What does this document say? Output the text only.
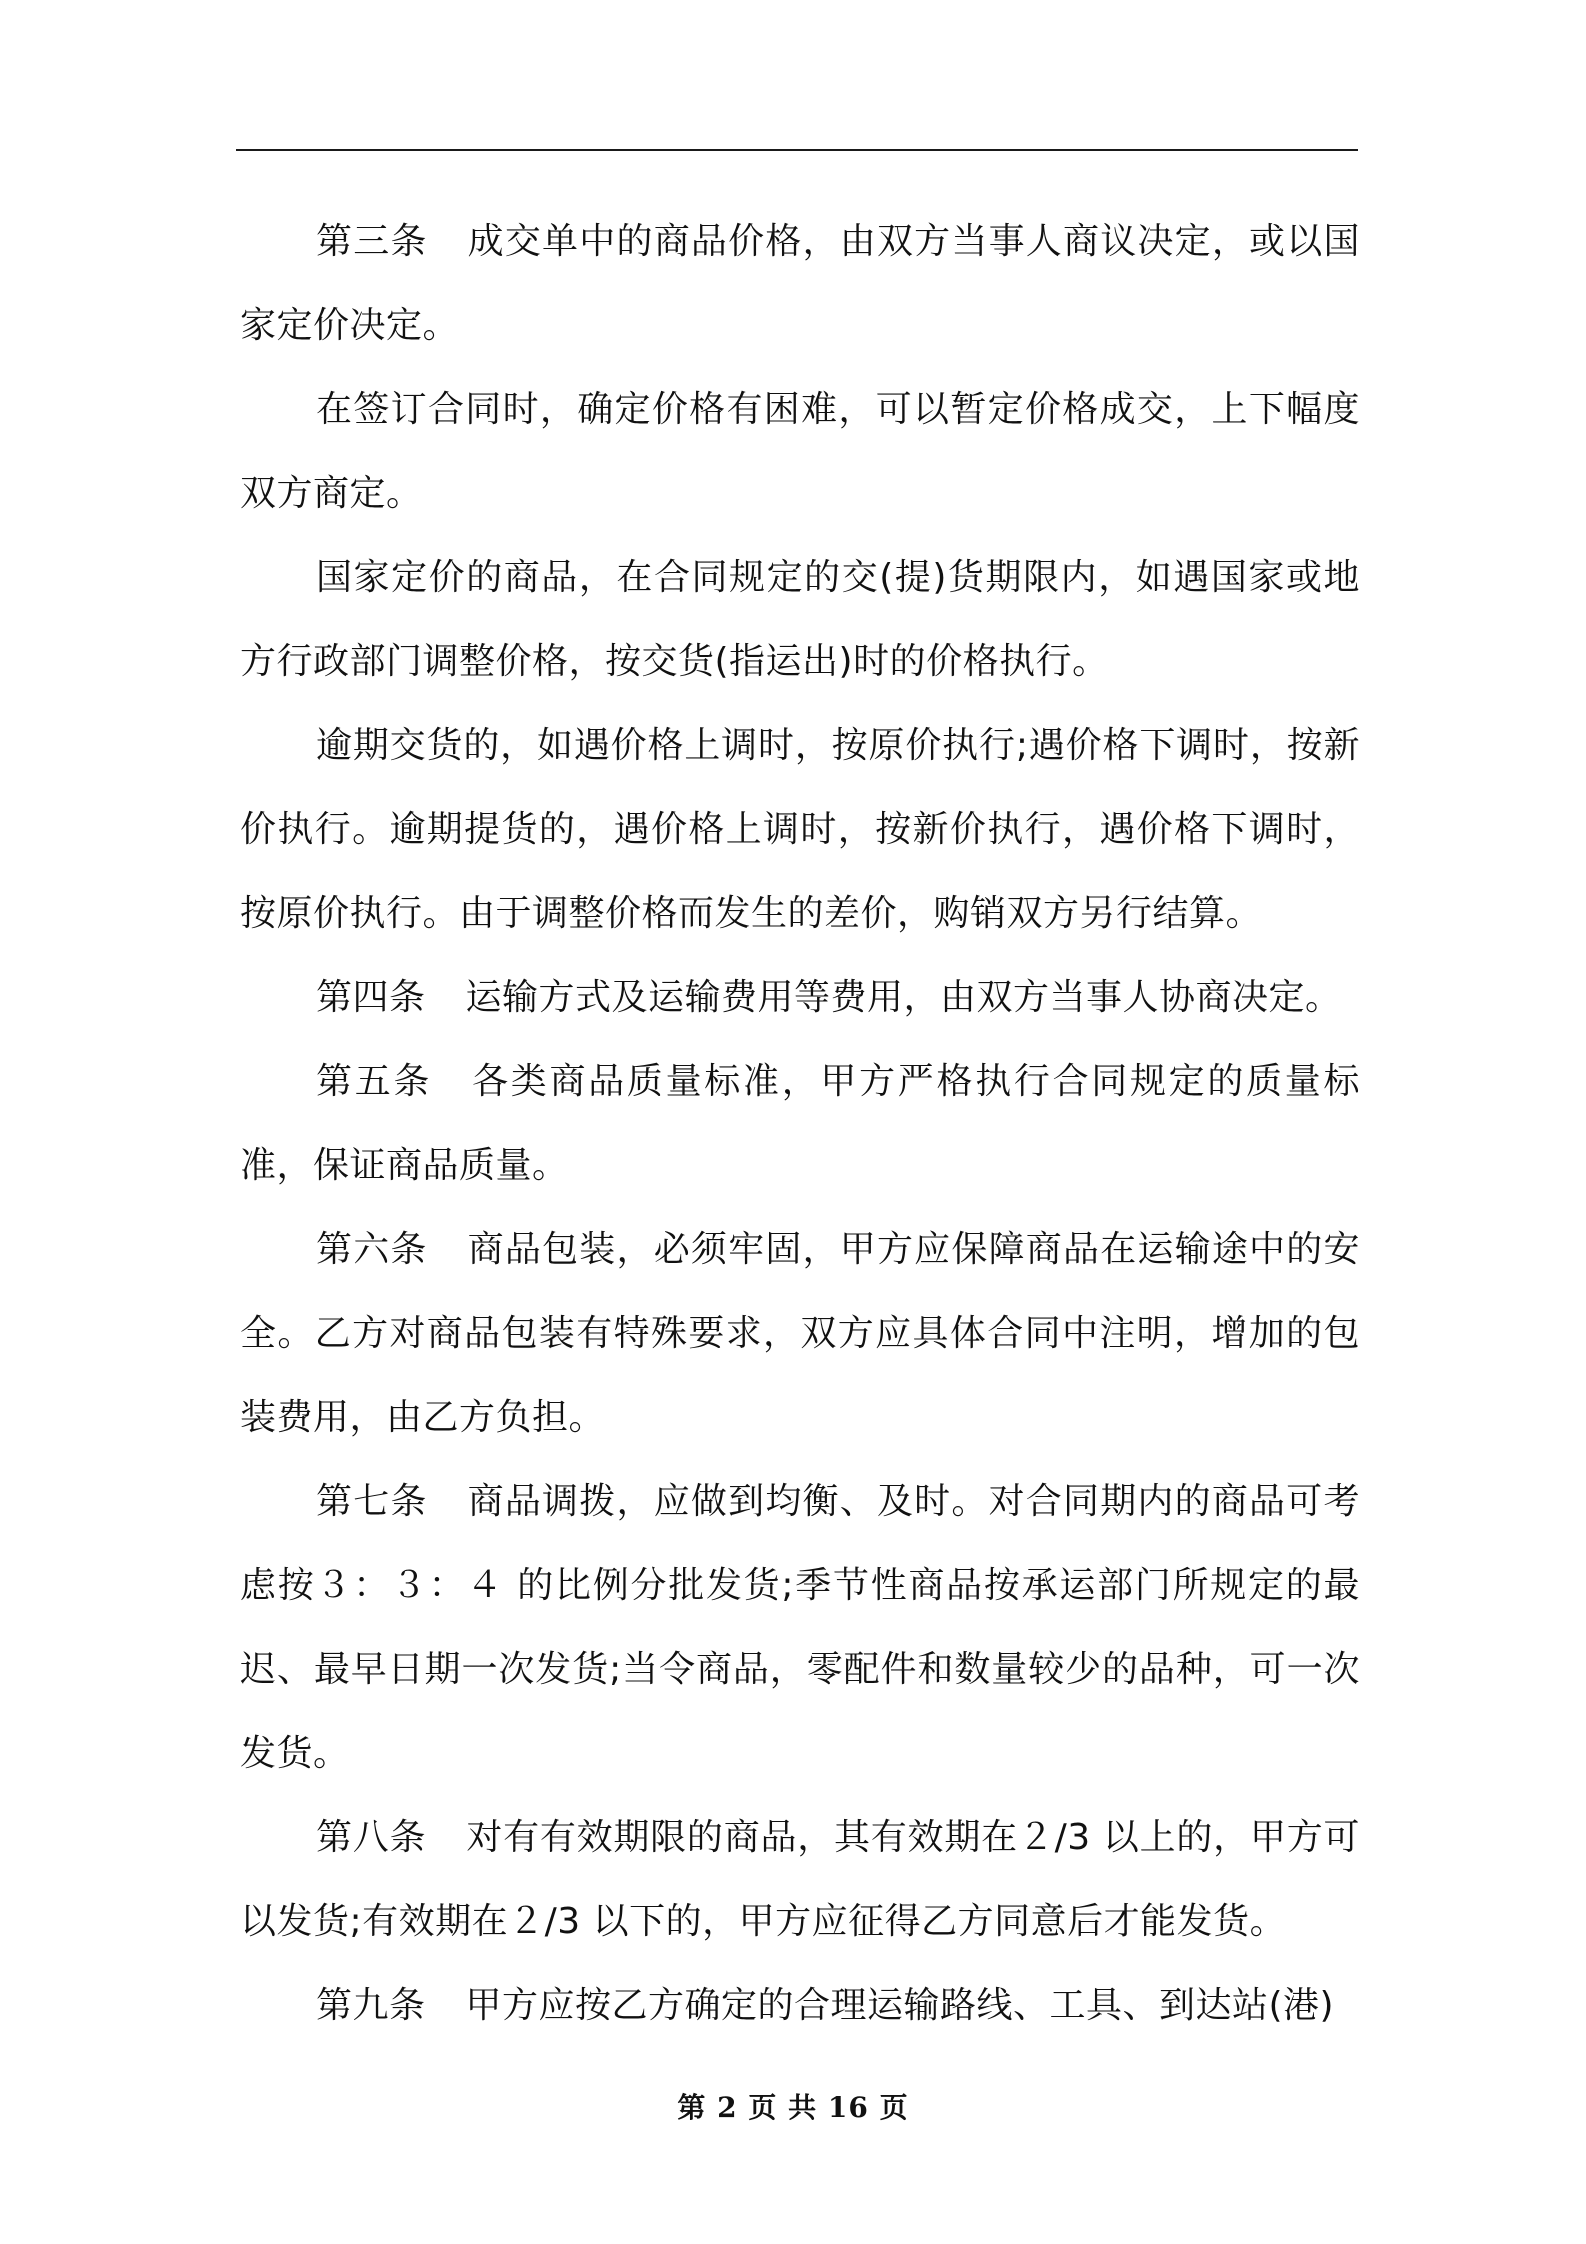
第三条 成交单中的商品价格，由双方当事人商议决定，或以国家定价决定。

在签订合同时，确定价格有困难，可以暂定价格成交，上下幅度双方商定。

国家定价的商品，在合同规定的交(提)货期限内，如遇国家或地方行政部门调整价格，按交货(指运出)时的价格执行。

逾期交货的，如遇价格上调时，按原价执行;遇价格下调时，按新价执行。逾期提货的，遇价格上调时，按新价执行，遇价格下调时，按原价执行。由于调整价格而发生的差价，购销双方另行结算。

第四条 运输方式及运输费用等费用，由双方当事人协商决定。

第五条 各类商品质量标准，甲方严格执行合同规定的质量标准，保证商品质量。

第六条 商品包装，必须牢固，甲方应保障商品在运输途中的安全。乙方对商品包装有特殊要求，双方应具体合同中注明，增加的包装费用，由乙方负担。

第七条 商品调拨，应做到均衡、及时。对合同期内的商品可考虑按３：３：４ 的比例分批发货;季节性商品按承运部门所规定的最迟、最早日期一次发货;当令商品，零配件和数量较少的品种，可一次发货。

第八条 对有有效期限的商品，其有效期在２/3 以上的，甲方可以发货;有效期在２/3 以下的，甲方应征得乙方同意后才能发货。

第九条 甲方应按乙方确定的合理运输路线、工具、到达站(港)

第 2 页 共 16 页
